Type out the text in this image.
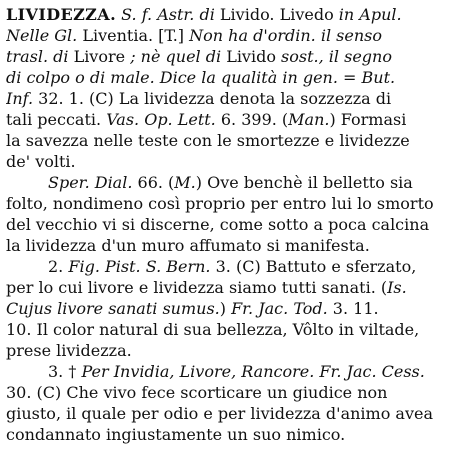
LIVIDEZZA. S. f. Astr. di Livido. Livedo in Apul.
Nelle Gl. Liventia. [T.] Non ha d'ordin. il senso
trasl. di Livore ; nè quel di Livido sost., il segno
di colpo o di male. Dice la qualità in gen. = But.
Inf. 32. 1. (C) La lividezza denota la sozzezza di
tali peccati. Vas. Op. Lett. 6. 399. (Man.) Formasi
la savezza nelle teste con le smortezze e lividezze
de' volti.
Sper. Dial. 66. (M.) Ove benchè il belletto sia
folto, nondimeno così proprio per entro lui lo smorto
del vecchio vi si discerne, come sotto a poca calcina
la lividezza d'un muro affumato si manifesta.
2. Fig. Pist. S. Bern. 3. (C) Battuto e sferzato,
per lo cui livore e lividezza siamo tutti sanati. (Is.
Cujus livore sanati sumus.) Fr. Jac. Tod. 3. 11.
10. Il color natural di sua bellezza, Vôlto in viltade,
prese lividezza.
3. † Per Invidia, Livore, Rancore. Fr. Jac. Cess.
30. (C) Che vivo fece scorticare un giudice non
giusto, il quale per odio e per lividezza d'animo avea
condannato ingiustamente un suo nimico.
